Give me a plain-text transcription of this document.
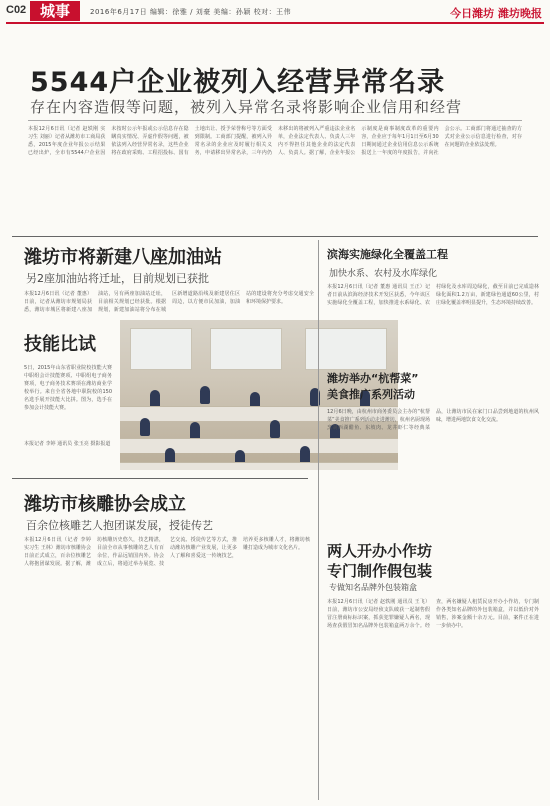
C02 城事	2016年6月17日 编辑：徐雅 / 刘豪 美编：孙颖 校对：王伟	今日潍坊 潍坊晚报
5544户企业被列入经营异常名录
存在内容造假等问题，被列入异常名录将影响企业信用和经营
本报12月6日讯（记者 赵轶刚 实习生 刘丽）记者从潍坊市工商局获悉，2015年度企业年报公示结果已经出炉，全市有5544户企业因未按时公示年报或公示信息存在隐瞒真实情况、弄虚作假等问题，被依法列入经营异常名录，这些企业将在政府采购、工程招投标、国有土地出让、授予荣誉称号等方面受到限制。工商部门提醒，被列入异常名录的企业应及时履行相关义务，申请移出异常名录，三年内仍未移出的将被列入严重违法企业名单，企业法定代表人、负责人三年内不得担任其他企业的法定代表人、负责人。据了解，企业年报公示制度是商事制度改革的重要内容，企业应于每年1月1日至6月30日期间通过企业信用信息公示系统报送上一年度的年度报告，并向社会公示。工商部门将通过抽查的方式对企业公示信息进行检查，对存在问题的企业依法处理。
潍坊市将新建八座加油站
另2座加油站将迁址，目前规划已获批
本报12月6日讯（记者 董惠）日前，记者从潍坊市规划局获悉，潍坊市城区将新建八座加油站，另有两座加油站迁址，目前相关规划已经获批。根据规划，新建加油站将分布在城区新增道路沿线及新建居住区周边，以方便市民加油，加油站的建设将充分考虑交通安全和环境保护要求。
技能比试
5日，2015年山东省职业院校技能大赛中职组会计技能赛项、中职组电子商务赛项，电子商务技术赛项在潍坊商业学校举行。来自全省各地中职院校的150名选手展开技能大比拼。图为，选手在参加会计技能大赛。
本报记者 李婷 通讯员 张玉亮 摄影报道
潍坊市核雕协会成立
百余位核雕艺人抱团谋发展，授徒传艺
本报12月6日讯（记者 李婷 实习生 王林）潍坊市核雕协会日前正式成立，百余位核雕艺人将抱团谋发展。据了解，潍坊核雕历史悠久，技艺精湛，目前全市从事核雕的艺人有百余位，作品远销国内外。协会成立后，将通过举办展览、技艺交流、授徒传艺等方式，推动潍坊核雕产业发展，让更多人了解和喜爱这一传统技艺，培养更多核雕人才，将潍坊核雕打造成为城市文化名片。
滨海实施绿化全覆盖工程
加快水系、农村及水库绿化
本报12月6日讯（记者 董惠 通讯员 王正）记者日前从滨海经济技术开发区获悉，今年该区实施绿化全覆盖工程，加快推进水系绿化、农村绿化及水库周边绿化，截至目前已完成造林绿化面积1.2万亩，新建绿色通道60公里，村庄绿化覆盖率明显提升，生态环境持续改善。
潍坊举办“杭帮菜”
美食推广系列活动
12月6日晚，由杭州市商务委员会主办的“杭帮菜”美食推广系列活动走进潍坊，杭州名厨现场烹制西湖醋鱼、东坡肉、龙井虾仁等经典菜品，让潍坊市民在家门口品尝到地道的杭州风味，增进两地饮食文化交流。
两人开办小作坊
专门制作假包装
专做知名品牌外包装箱盒
本报12月6日讯（记者 赵轶刚 通讯员 王飞）日前，潍坊市公安局经侦支队破获一起制售假冒注册商标标识案，抓获犯罪嫌疑人两名，现场查获假冒知名品牌外包装箱盒两万余个。经查，两名嫌疑人租赁民房开办小作坊，专门制作各类知名品牌的外包装箱盒，并以低价对外销售，涉案金额十余万元。目前，案件正在进一步侦办中。
